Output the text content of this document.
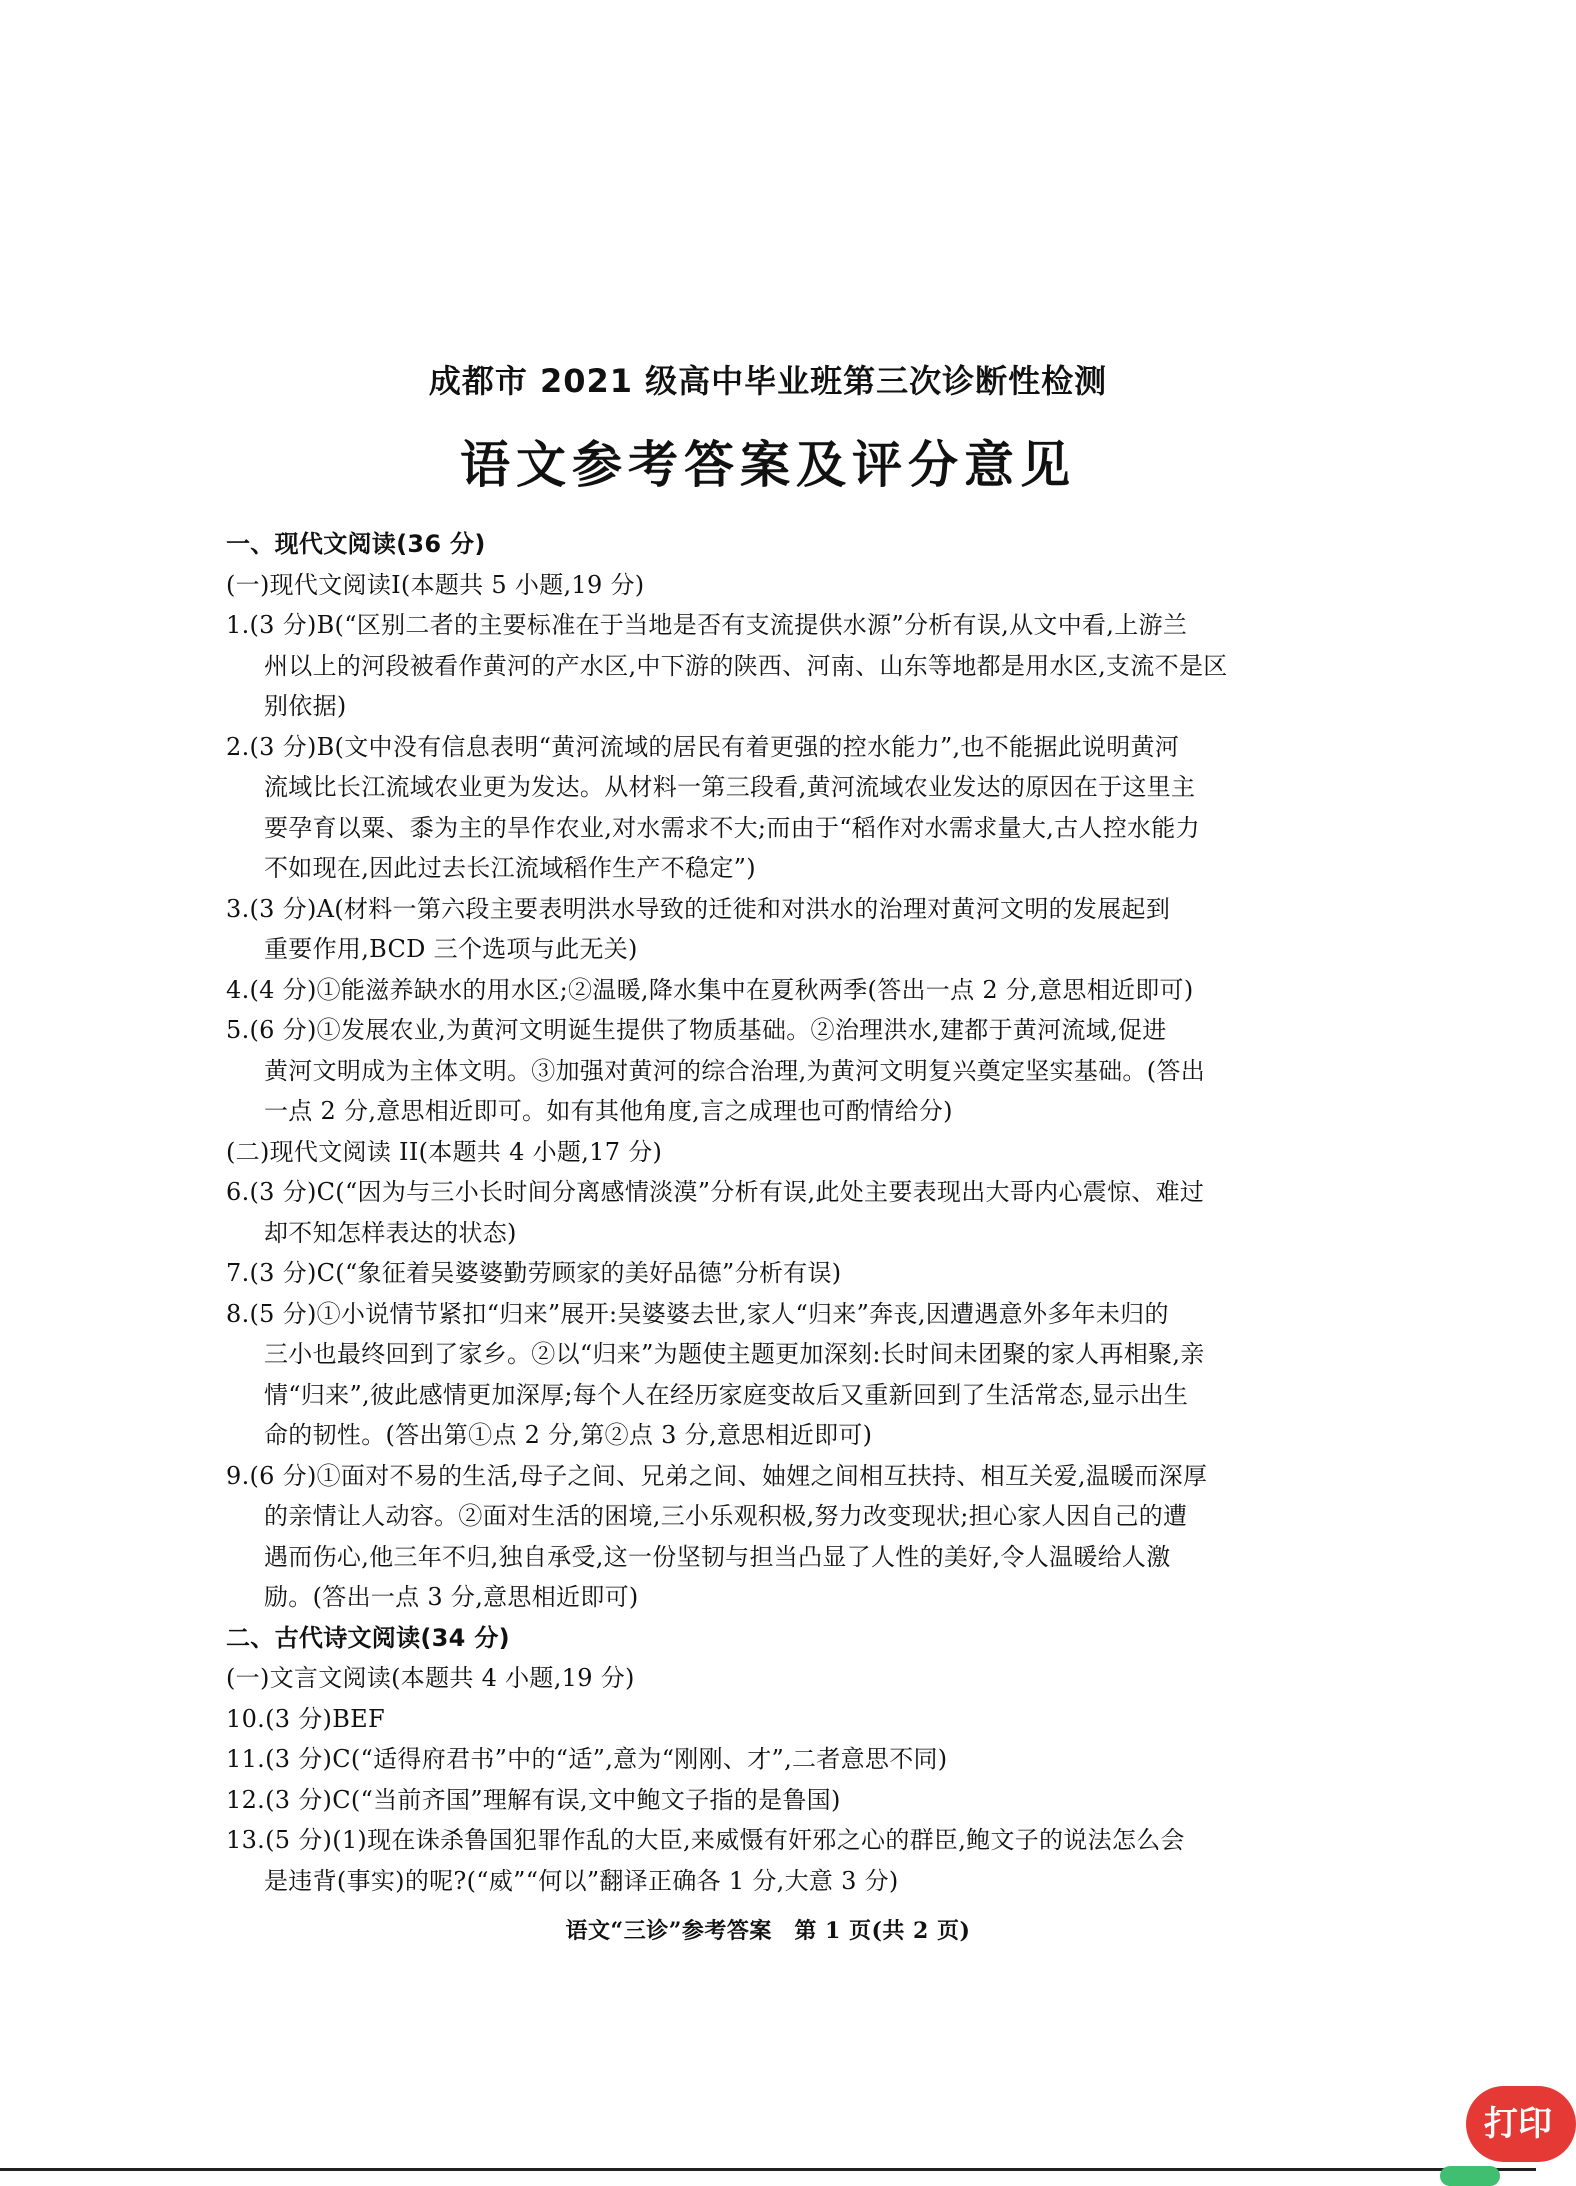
成都市 2021 级高中毕业班第三次诊断性检测
语文参考答案及评分意见
一、现代文阅读(36 分)
(一)现代文阅读Ⅰ(本题共 5 小题,19 分)
1.(3 分)B(“区别二者的主要标准在于当地是否有支流提供水源”分析有误,从文中看,上游兰
州以上的河段被看作黄河的产水区,中下游的陕西、河南、山东等地都是用水区,支流不是区
别依据)
2.(3 分)B(文中没有信息表明“黄河流域的居民有着更强的控水能力”,也不能据此说明黄河
流域比长江流域农业更为发达。从材料一第三段看,黄河流域农业发达的原因在于这里主
要孕育以粟、黍为主的旱作农业,对水需求不大;而由于“稻作对水需求量大,古人控水能力
不如现在,因此过去长江流域稻作生产不稳定”)
3.(3 分)A(材料一第六段主要表明洪水导致的迁徙和对洪水的治理对黄河文明的发展起到
重要作用,BCD 三个选项与此无关)
4.(4 分)①能滋养缺水的用水区;②温暖,降水集中在夏秋两季(答出一点 2 分,意思相近即可)
5.(6 分)①发展农业,为黄河文明诞生提供了物质基础。②治理洪水,建都于黄河流域,促进
黄河文明成为主体文明。③加强对黄河的综合治理,为黄河文明复兴奠定坚实基础。(答出
一点 2 分,意思相近即可。如有其他角度,言之成理也可酌情给分)
(二)现代文阅读 II(本题共 4 小题,17 分)
6.(3 分)C(“因为与三小长时间分离感情淡漠”分析有误,此处主要表现出大哥内心震惊、难过
却不知怎样表达的状态)
7.(3 分)C(“象征着吴婆婆勤劳顾家的美好品德”分析有误)
8.(5 分)①小说情节紧扣“归来”展开:吴婆婆去世,家人“归来”奔丧,因遭遇意外多年未归的
三小也最终回到了家乡。②以“归来”为题使主题更加深刻:长时间未团聚的家人再相聚,亲
情“归来”,彼此感情更加深厚;每个人在经历家庭变故后又重新回到了生活常态,显示出生
命的韧性。(答出第①点 2 分,第②点 3 分,意思相近即可)
9.(6 分)①面对不易的生活,母子之间、兄弟之间、妯娌之间相互扶持、相互关爱,温暖而深厚
的亲情让人动容。②面对生活的困境,三小乐观积极,努力改变现状;担心家人因自己的遭
遇而伤心,他三年不归,独自承受,这一份坚韧与担当凸显了人性的美好,令人温暖给人激
励。(答出一点 3 分,意思相近即可)
二、古代诗文阅读(34 分)
(一)文言文阅读(本题共 4 小题,19 分)
10.(3 分)BEF
11.(3 分)C(“适得府君书”中的“适”,意为“刚刚、才”,二者意思不同)
12.(3 分)C(“当前齐国”理解有误,文中鲍文子指的是鲁国)
13.(5 分)(1)现在诛杀鲁国犯罪作乱的大臣,来威慑有奸邪之心的群臣,鲍文子的说法怎么会
是违背(事实)的呢?(“威”“何以”翻译正确各 1 分,大意 3 分)
语文“三诊”参考答案　第 1 页(共 2 页)
打印
